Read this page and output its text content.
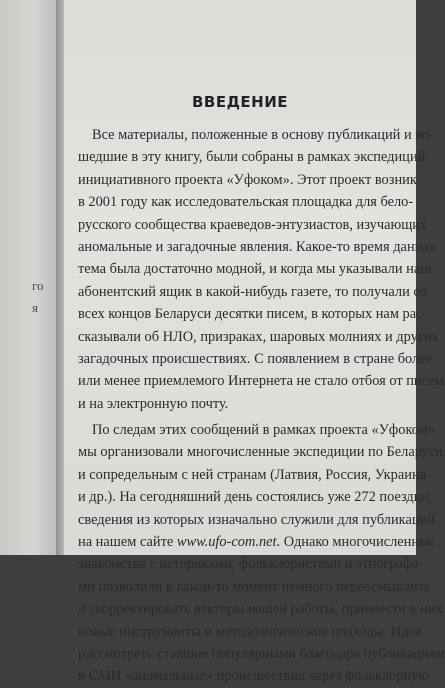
го
я
ВВЕДЕНИЕ
Все материалы, положенные в основу публикаций и во-
шедшие в эту книгу, были собраны в рамках экспедиций
инициативного проекта «Уфоком». Этот проект возник
в 2001 году как исследовательская площадка для бело-
русского сообщества краеведов-энтузиастов, изучающих
аномальные и загадочные явления. Какое-то время данная
тема была достаточно модной, и когда мы указывали наш
абонентский ящик в какой-нибудь газете, то получали со
всех концов Беларуси десятки писем, в которых нам рас-
сказывали об НЛО, призраках, шаровых молниях и других
загадочных происшествиях. С появлением в стране более
или менее приемлемого Интернета не стало отбоя от писем
и на электронную почту.
По следам этих сообщений в рамках проекта «Уфоком»
мы организовали многочисленные экспедиции по Беларуси
и сопредельным с ней странам (Латвия, Россия, Украина
и др.). На сегодняшний день состоялись уже 272 поездки,
сведения из которых изначально служили для публикаций
на нашем сайте www.ufo-com.net. Однако многочисленные
знакомства с историками, фольклористами и этнографа-
ми позволили в какой-то момент немного переосмыслить
и скорректировать векторы нашей работы, привнести в них
новые инструменты и методологические подходы. Идея
рассмотреть ставшие популярными благодаря публикациям
в СМИ «аномальные» происшествия через фольклорную
